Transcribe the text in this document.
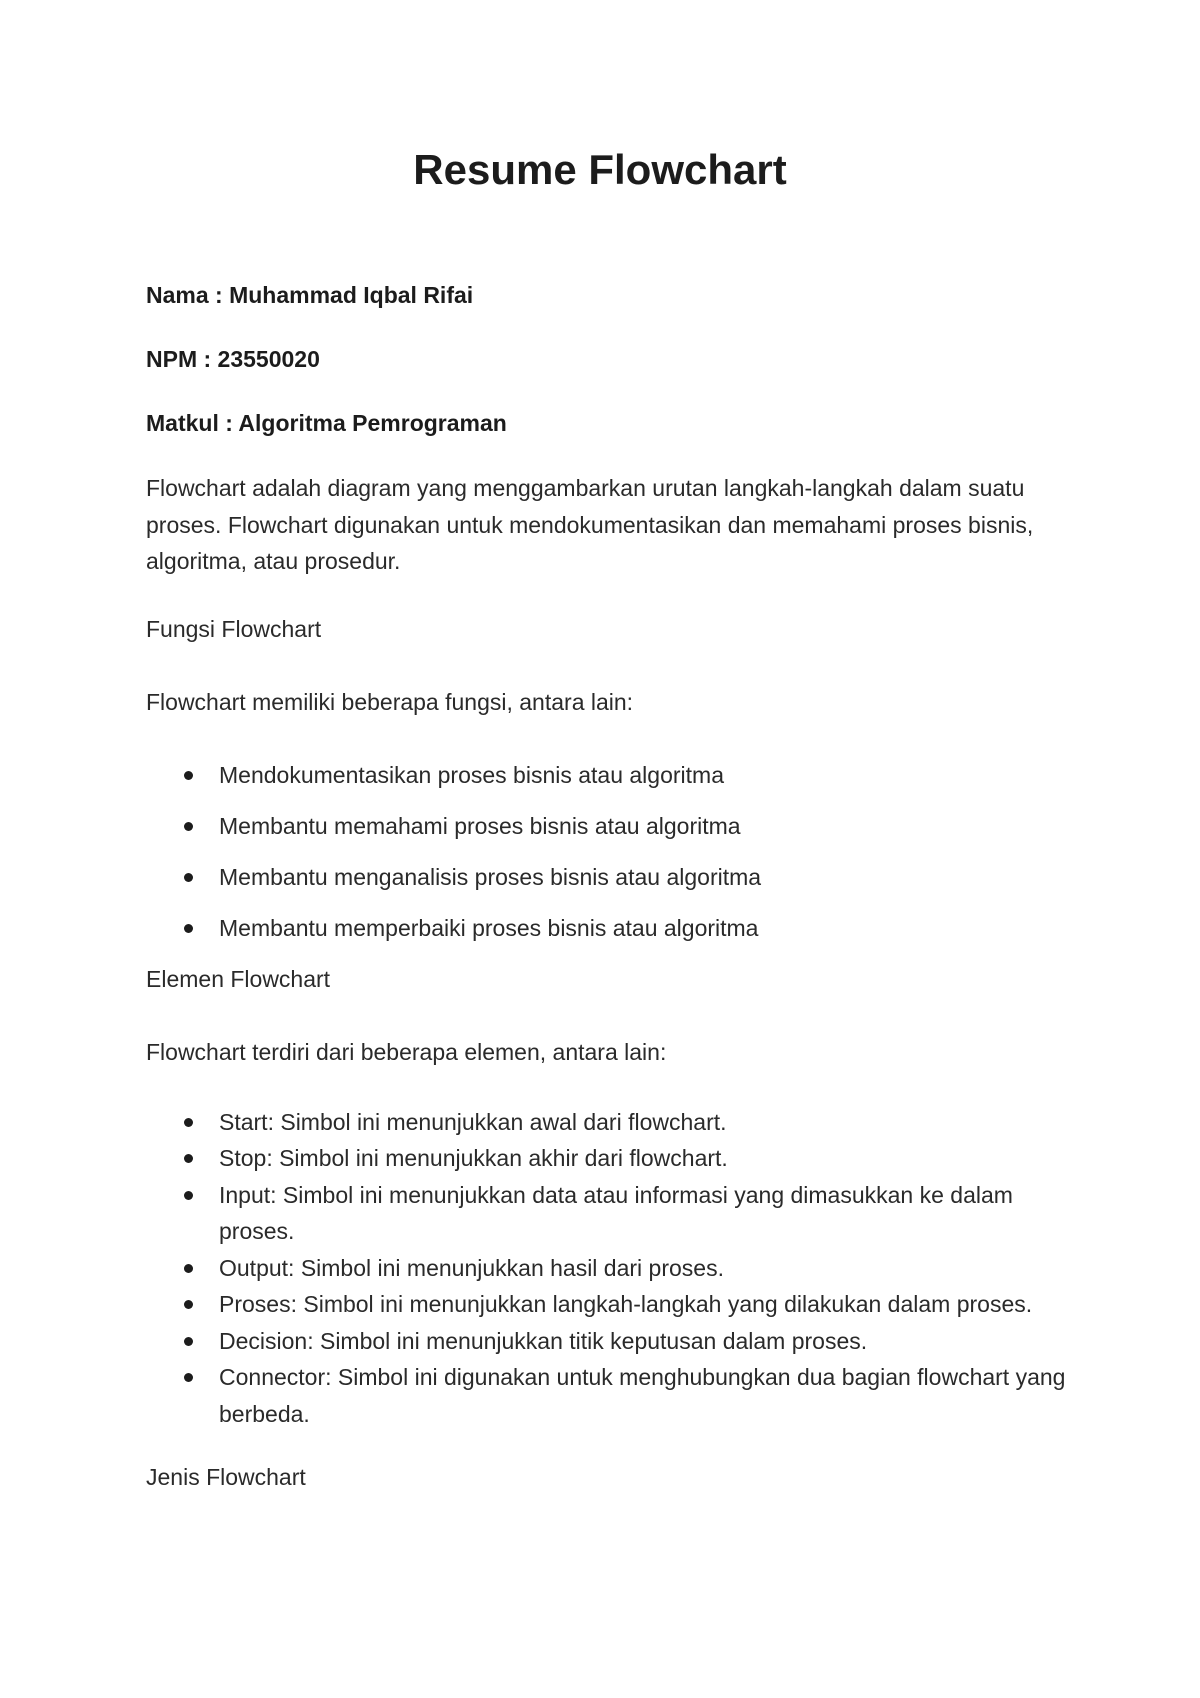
Resume Flowchart

Nama : Muhammad Iqbal Rifai

NPM : 23550020

Matkul : Algoritma Pemrograman

Flowchart adalah diagram yang menggambarkan urutan langkah-langkah dalam suatu proses. Flowchart digunakan untuk mendokumentasikan dan memahami proses bisnis, algoritma, atau prosedur.

Fungsi Flowchart

Flowchart memiliki beberapa fungsi, antara lain:

Mendokumentasikan proses bisnis atau algoritma
Membantu memahami proses bisnis atau algoritma
Membantu menganalisis proses bisnis atau algoritma
Membantu memperbaiki proses bisnis atau algoritma

Elemen Flowchart

Flowchart terdiri dari beberapa elemen, antara lain:

Start: Simbol ini menunjukkan awal dari flowchart.
Stop: Simbol ini menunjukkan akhir dari flowchart.
Input: Simbol ini menunjukkan data atau informasi yang dimasukkan ke dalam proses.
Output: Simbol ini menunjukkan hasil dari proses.
Proses: Simbol ini menunjukkan langkah-langkah yang dilakukan dalam proses.
Decision: Simbol ini menunjukkan titik keputusan dalam proses.
Connector: Simbol ini digunakan untuk menghubungkan dua bagian flowchart yang berbeda.

Jenis Flowchart
